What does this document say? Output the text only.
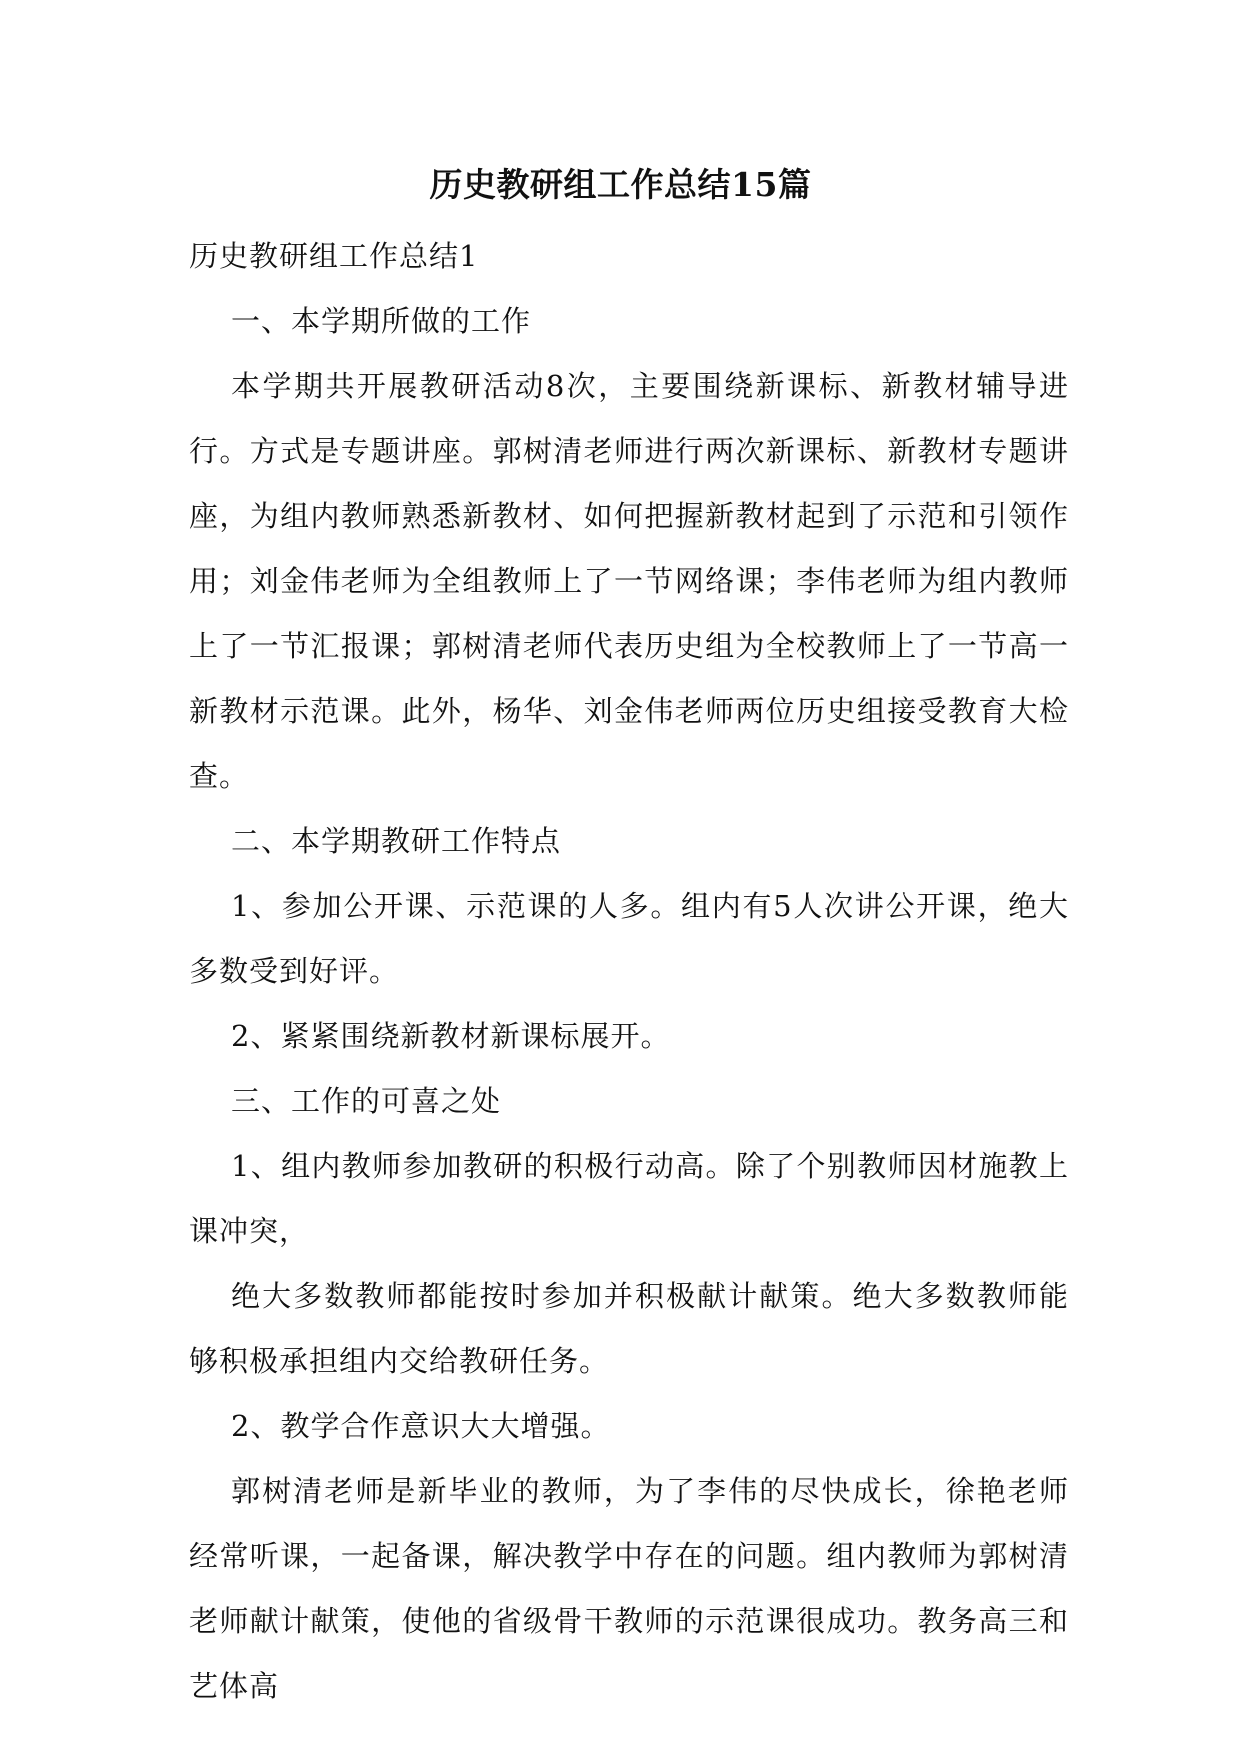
历史教研组工作总结15篇

历史教研组工作总结1

一、本学期所做的工作

本学期共开展教研活动8次，主要围绕新课标、新教材辅导进行。方式是专题讲座。郭树清老师进行两次新课标、新教材专题讲座，为组内教师熟悉新教材、如何把握新教材起到了示范和引领作用；刘金伟老师为全组教师上了一节网络课；李伟老师为组内教师上了一节汇报课；郭树清老师代表历史组为全校教师上了一节高一新教材示范课。此外，杨华、刘金伟老师两位历史组接受教育大检查。

二、本学期教研工作特点

1、参加公开课、示范课的人多。组内有5人次讲公开课，绝大多数受到好评。

2、紧紧围绕新教材新课标展开。

三、工作的可喜之处

1、组内教师参加教研的积极行动高。除了个别教师因材施教上课冲突，

绝大多数教师都能按时参加并积极献计献策。绝大多数教师能够积极承担组内交给教研任务。

2、教学合作意识大大增强。

郭树清老师是新毕业的教师，为了李伟的尽快成长，徐艳老师经常听课，一起备课，解决教学中存在的问题。组内教师为郭树清老师献计献策，使他的省级骨干教师的示范课很成功。教务高三和艺体高
